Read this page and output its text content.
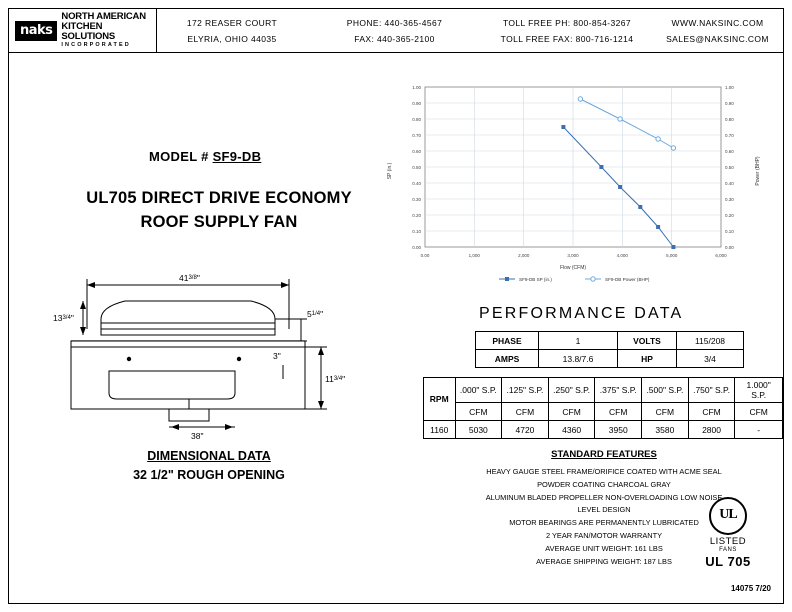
naks
NORTH AMERICAN
KITCHEN SOLUTIONS
INCORPORATED
172 REASER COURT
ELYRIA, OHIO 44035
PHONE: 440-365-4567
FAX: 440-365-2100
TOLL FREE PH: 800-854-3267
TOLL FREE FAX: 800-716-1214
WWW.NAKSINC.COM
SALES@NAKSINC.COM
MODEL # SF9-DB
UL705 DIRECT DRIVE ECONOMY
ROOF SUPPLY FAN
$41^{3/8}$"
$13^{3/4}$"	$5^{1/4}$"
$11^{3/4}$"
3"
38"
DIMENSIONAL DATA
32 1/2" ROUGH OPENING
1.00
0.90
0.80
0.70
0.60
0.50
0.40
0.30
0.20
0.10
0.00
1.00
0.90
0.80
0.70
0.60
0.50
0.40
0.30
0.20
0.10
0.00
0.00	1,000	2,000	3,000	4,000	5,000	6,000
SP (in.)	Power (BHP)
Flow (CFM)
SF9-DB SP (in.)	SF9-DB Power (BHP)
PERFORMANCE DATA
PHASE	1	VOLTS	115/208
AMPS	13.8/7.6	HP	3/4
RPM	.000" S.P.	.125" S.P.	.250" S.P.	.375" S.P.	.500" S.P.	.750" S.P.	1.000" S.P.
	CFM	CFM	CFM	CFM	CFM	CFM	CFM
1160	5030	4720	4360	3950	3580	2800	-
STANDARD FEATURES
HEAVY GAUGE STEEL FRAME/ORIFICE COATED WITH ACME SEAL
POWDER COATING CHARCOAL GRAY
ALUMINUM BLADED PROPELLER NON-OVERLOADING LOW NOISE
LEVEL DESIGN
MOTOR BEARINGS ARE PERMANENTLY LUBRICATED
2 YEAR FAN/MOTOR WARRANTY
AVERAGE UNIT WEIGHT: 161 LBS
AVERAGE SHIPPING WEIGHT: 187 LBS
UL
LISTED
FANS
UL 705
14075 7/20
